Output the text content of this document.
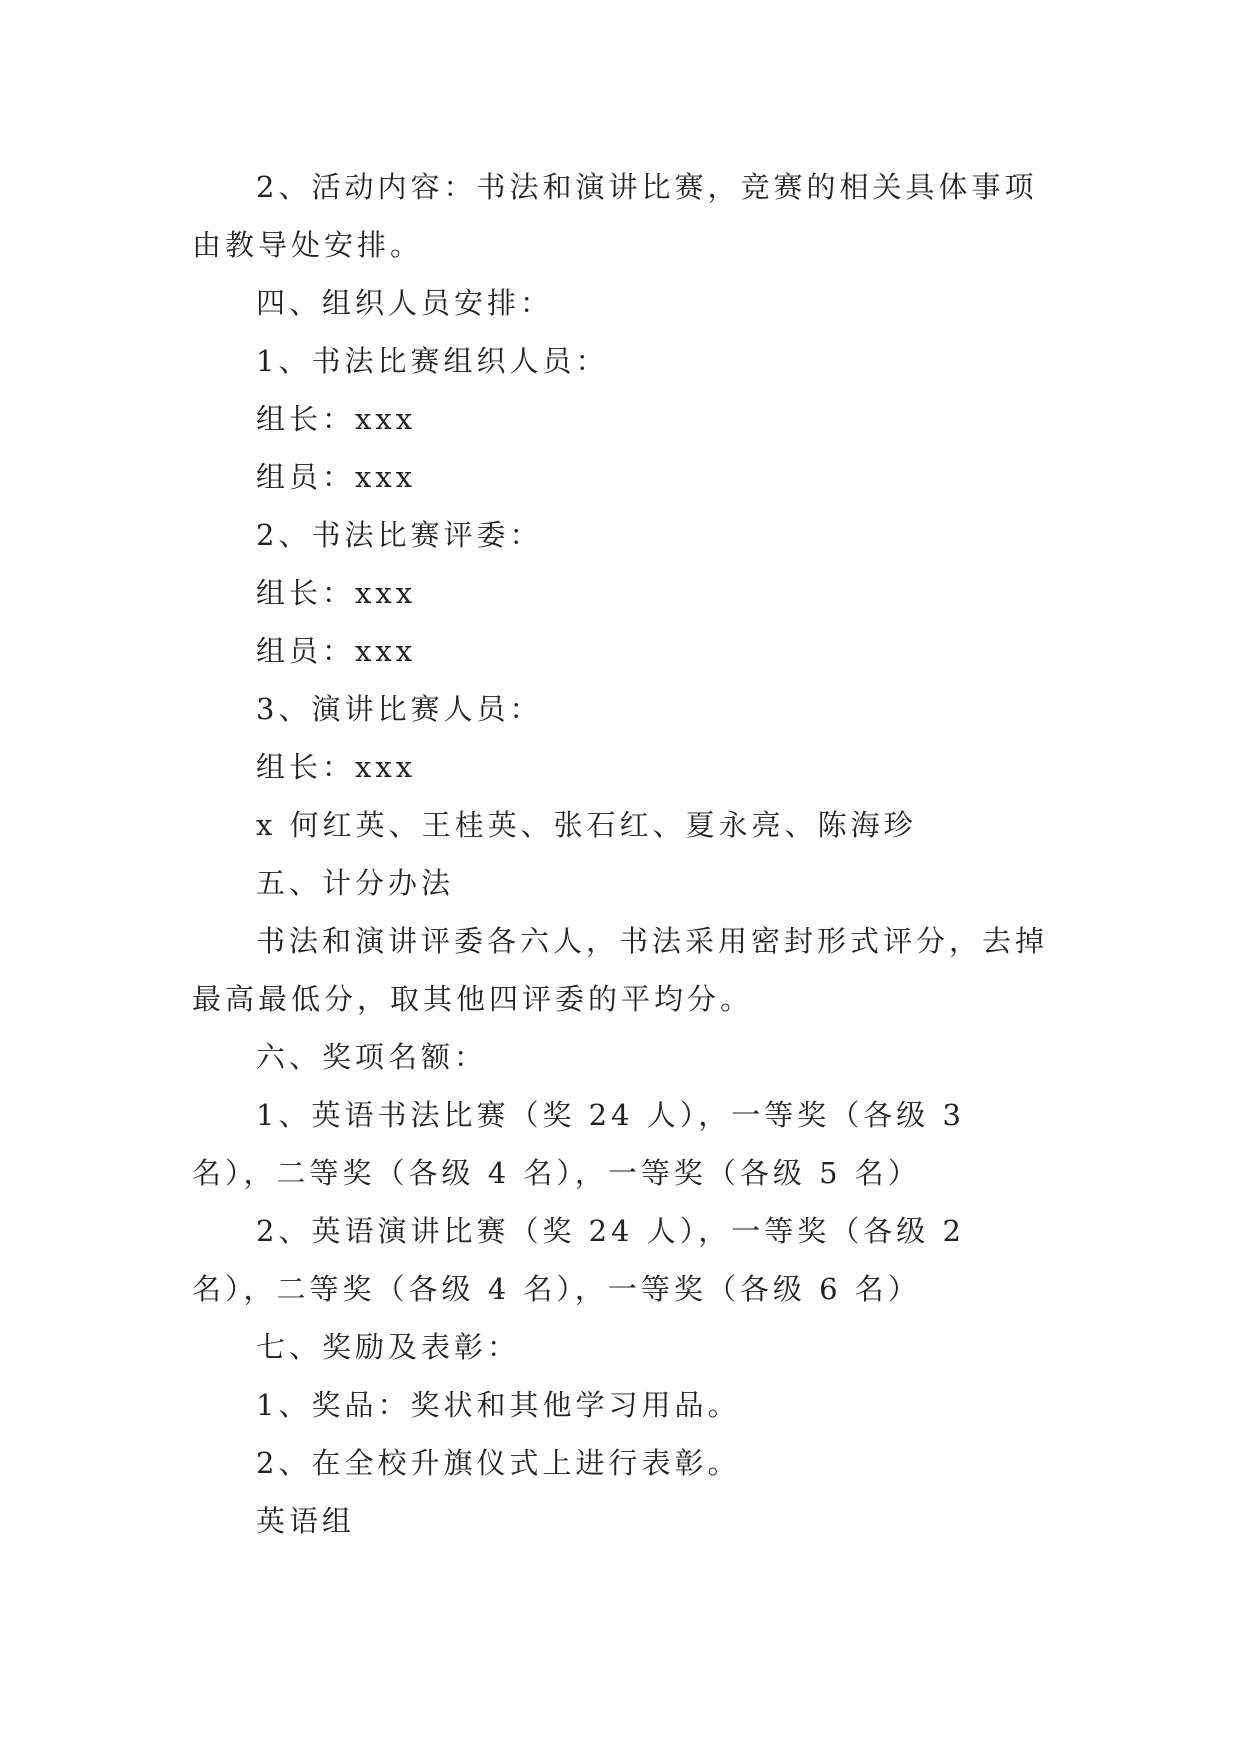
2、活动内容：书法和演讲比赛，竞赛的相关具体事项由教导处安排。

四、组织人员安排：

1、书法比赛组织人员：

组长：xxx

组员：xxx

2、书法比赛评委：

组长：xxx

组员：xxx

3、演讲比赛人员：

组长：xxx

x 何红英、王桂英、张石红、夏永亮、陈海珍

五、计分办法

书法和演讲评委各六人，书法采用密封形式评分，去掉最高最低分，取其他四评委的平均分。

六、奖项名额：

1、英语书法比赛（奖 24 人），一等奖（各级 3 名），二等奖（各级 4 名），一等奖（各级 5 名）

2、英语演讲比赛（奖 24 人），一等奖（各级 2 名），二等奖（各级 4 名），一等奖（各级 6 名）

七、奖励及表彰：

1、奖品：奖状和其他学习用品。

2、在全校升旗仪式上进行表彰。

英语组
